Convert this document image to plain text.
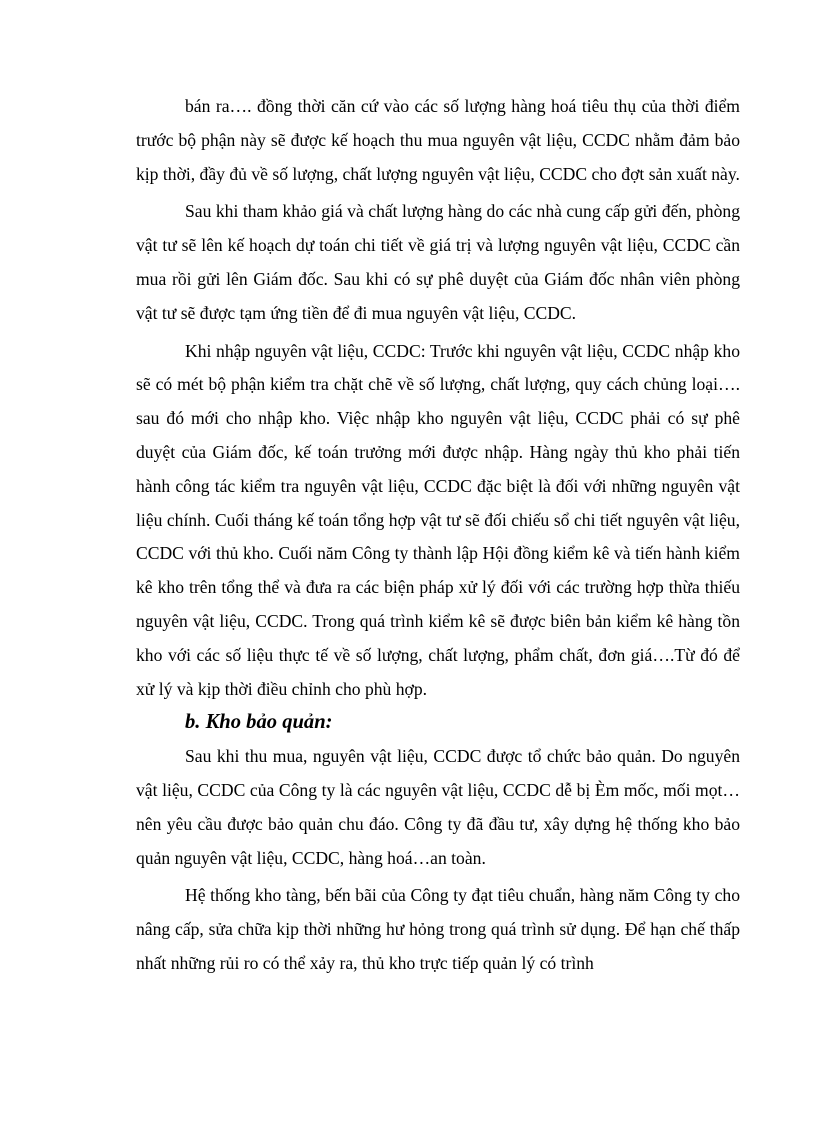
bán ra…. đồng thời căn cứ vào các số lượng hàng hoá tiêu thụ của thời điểm trước bộ phận này sẽ được kế hoạch thu mua nguyên vật liệu, CCDC nhằm đảm bảo kịp thời, đầy đủ về số lượng, chất lượng nguyên vật liệu, CCDC cho đợt sản xuất này.

Sau khi tham khảo giá và chất lượng hàng do các nhà cung cấp gửi đến, phòng vật tư sẽ lên kế hoạch dự toán chi tiết về giá trị và lượng nguyên vật liệu, CCDC cần mua rồi gửi lên Giám đốc. Sau khi có sự phê duyệt của Giám đốc nhân viên phòng vật tư sẽ được tạm ứng tiền để đi mua nguyên vật liệu, CCDC.

Khi nhập nguyên vật liệu, CCDC: Trước khi nguyên vật liệu, CCDC nhập kho sẽ có mét bộ phận kiểm tra chặt chẽ về số lượng, chất lượng, quy cách chủng loại…. sau đó mới cho nhập kho. Việc nhập kho nguyên vật liệu, CCDC phải có sự phê duyệt của Giám đốc, kế toán trưởng mới được nhập. Hàng ngày thủ kho phải tiến hành công tác kiểm tra nguyên vật liệu, CCDC đặc biệt là đối với những nguyên vật liệu chính. Cuối tháng kế toán tổng hợp vật tư sẽ đối chiếu sổ chi tiết nguyên vật liệu, CCDC với thủ kho. Cuối năm Công ty thành lập Hội đồng kiểm kê và tiến hành kiểm kê kho trên tổng thể và đưa ra các biện pháp xử lý đối với các trường hợp thừa thiếu nguyên vật liệu, CCDC. Trong quá trình kiểm kê sẽ được biên bản kiểm kê hàng tồn kho với các số liệu thực tế về số lượng, chất lượng, phẩm chất, đơn giá….Từ đó để xử lý và kịp thời điều chỉnh cho phù hợp.

b. Kho bảo quản:

Sau khi thu mua, nguyên vật liệu, CCDC được tổ chức bảo quản. Do nguyên vật liệu, CCDC của Công ty là các nguyên vật liệu, CCDC dễ bị Èm mốc, mối mọt…nên yêu cầu được bảo quản chu đáo. Công ty đã đầu tư, xây dựng hệ thống kho bảo quản nguyên vật liệu, CCDC, hàng hoá…an toàn.

Hệ thống kho tàng, bến bãi của Công ty đạt tiêu chuẩn, hàng năm Công ty cho nâng cấp, sửa chữa kịp thời những hư hỏng trong quá trình sử dụng. Để hạn chế thấp nhất những rủi ro có thể xảy ra, thủ kho trực tiếp quản lý có trình
